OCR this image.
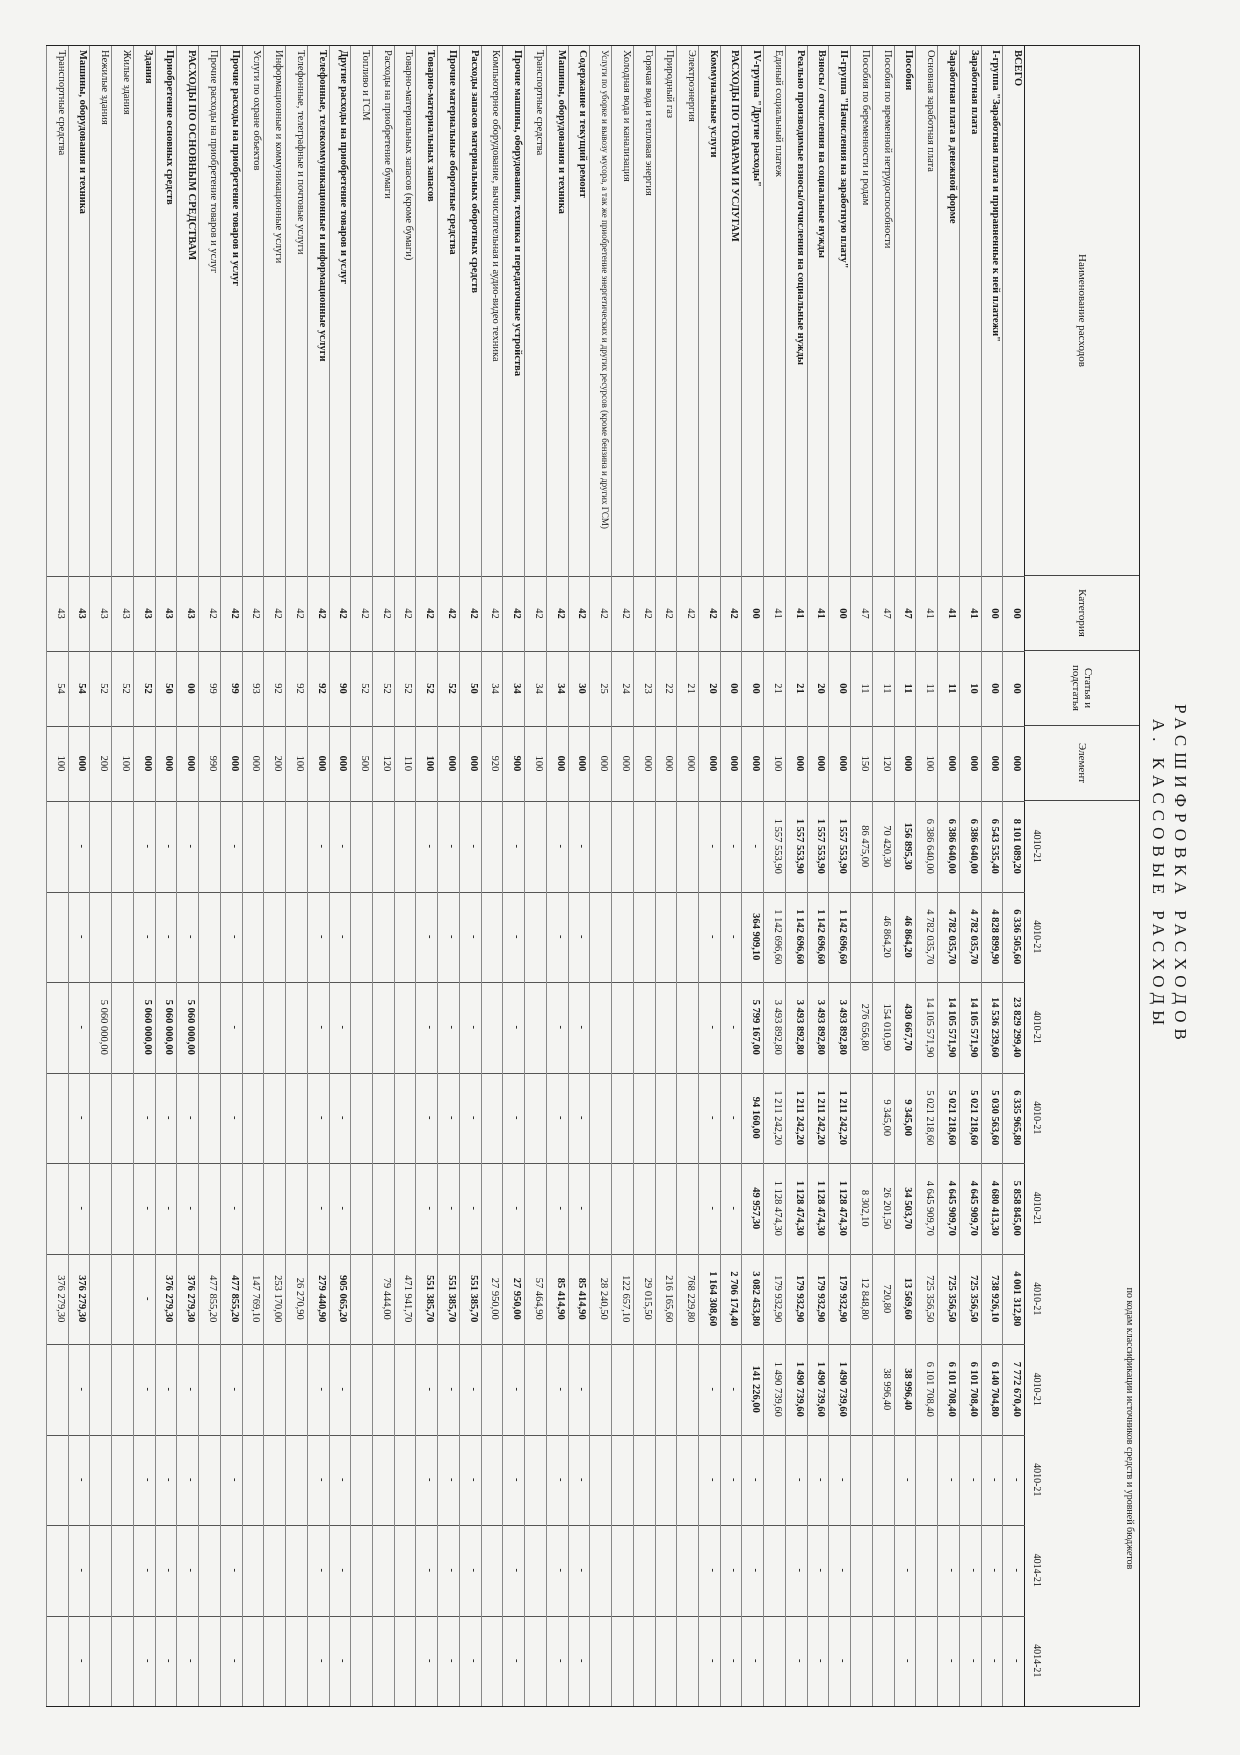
РАСШИФРОВКА РАСХОДОВ
А. КАССОВЫЕ РАСХОДЫ
Наименование расходов
Категория
Статья и подстатья
Элемент
по кодам классификации источников средств и уровней бюджетов
4010-21
4010-21
4010-21
4010-21
4010-21
4010-21
4010-21
4010-21
4014-21
4014-21
ВСЕГО
00
00
000
8 101 089,20
6 336 505,60
23 829 299,40
6 335 965,80
5 858 845,00
4 001 312,80
7 772 670,40
-
-
-
I-группа "Заработная плата и приравненные к ней платежи"
00
00
000
6 543 535,40
4 828 899,90
14 536 239,60
5 030 563,60
4 680 413,30
738 926,10
6 140 704,80
-
-
-
Заработная плата
41
10
000
6 386 640,00
4 782 035,70
14 105 571,90
5 021 218,60
4 645 909,70
725 356,50
6 101 708,40
-
-
-
Заработная плата в денежной форме
41
11
000
6 386 640,00
4 782 035,70
14 105 571,90
5 021 218,60
4 645 909,70
725 356,50
6 101 708,40
-
-
-
Основная заработная плата
41
11
100
6 386 640,00
4 782 035,70
14 105 571,90
5 021 218,60
4 645 909,70
725 356,50
6 101 708,40
Пособия
47
11
000
156 895,30
46 864,20
430 667,70
9 345,00
34 503,70
13 569,60
38 996,40
-
-
-
Пособия по временной нетрудоспособности
47
11
120
70 420,30
46 864,20
154 010,90
9 345,00
26 201,50
720,80
38 996,40
Пособия по беременности и родам
47
11
150
86 475,00
276 656,80
8 302,10
12 848,80
II-группа "Начисления на заработную плату"
00
00
000
1 557 553,90
1 142 696,60
3 493 892,80
1 211 242,20
1 128 474,30
179 932,90
1 490 739,60
-
-
-
Взносы / отчисления на социальные нужды
41
20
000
1 557 553,90
1 142 696,60
3 493 892,80
1 211 242,20
1 128 474,30
179 932,90
1 490 739,60
-
-
-
Реально производимые взносы/отчисления на социальные нужды
41
21
000
1 557 553,90
1 142 696,60
3 493 892,80
1 211 242,20
1 128 474,30
179 932,90
1 490 739,60
-
-
-
Единый социальный платеж
41
21
100
1 557 553,90
1 142 696,60
3 493 892,80
1 211 242,20
1 128 474,30
179 932,90
1 490 739,60
IV-группа "Другие расходы"
00
00
000
-
364 909,10
5 799 167,00
94 160,00
49 957,30
3 082 453,80
141 226,00
-
-
-
РАСХОДЫ ПО ТОВАРАМ И УСЛУГАМ
42
00
000
-
-
-
-
-
2 706 174,40
-
-
-
-
Коммунальные услуги
42
20
000
-
-
-
-
-
1 164 308,60
-
-
-
-
Электроэнергия
42
21
000
768 229,80
Природный газ
42
22
000
216 165,60
Горячая вода и тепловая энергия
42
23
000
29 015,50
Холодная вода и канализация
42
24
000
122 657,10
Услуги по уборке и вывозу мусора, а так же приобретение энергетических и других ресурсов (кроме бензина и других ГСМ)
42
25
000
28 240,50
Содержание и текущий ремонт
42
30
000
-
-
-
-
-
85 414,90
-
-
-
-
Машины, оборудования и техника
42
34
000
-
-
-
-
-
85 414,90
-
-
-
-
Транспортные средства
42
34
100
57 464,90
Прочие машины, оборудования, техника и передаточные устройства
42
34
900
-
-
-
-
-
27 950,00
-
-
-
-
Компьютерное оборудование, вычислительная и аудио-видео техника
42
34
920
27 950,00
Расходы запасов материальных оборотных средств
42
50
000
-
-
-
-
-
551 385,70
-
-
-
-
Прочие материальные оборотные средства
42
52
000
-
-
-
-
-
551 385,70
-
-
-
-
Товарно-материальных запасов
42
52
100
-
-
-
-
-
551 385,70
-
-
-
-
Товарно-материальных запасов (кроме бумаги)
42
52
110
471 941,70
Расходы на приобретение бумаги
42
52
120
79 444,00
Топливо и ГСМ
42
52
500
Другие расходы на приобретение товаров и услуг
42
90
000
-
-
-
-
-
905 065,20
-
-
-
-
Телефонные, телекоммуникационные и информационные услуги
42
92
000
-
-
-
-
-
279 440,90
-
-
-
-
Телефонные, телеграфные и почтовые услуги
42
92
100
26 270,90
Информационные и коммуникационные услуги
42
92
200
253 170,00
Услуги по охране объектов
42
93
000
147 769,10
Прочие расходы на приобретение товаров и услуг
42
99
000
-
-
-
-
-
477 855,20
-
-
-
-
Прочие расходы на приобретение товаров и услуг
42
99
990
477 855,20
РАСХОДЫ ПО ОСНОВНЫМ СРЕДСТВАМ
43
00
000
-
-
5 060 000,00
-
-
376 279,30
-
-
-
-
Приобретение основных средств
43
50
000
-
-
5 060 000,00
-
-
376 279,30
-
-
-
-
Здания
43
52
000
-
-
5 060 000,00
-
-
-
-
-
-
-
Жилые здания
43
52
100
Нежилые здания
43
52
200
5 060 000,00
Машины, оборудования и техника
43
54
000
-
-
-
-
-
376 279,30
-
-
-
-
Транспортные средства
43
54
100
376 279,30
